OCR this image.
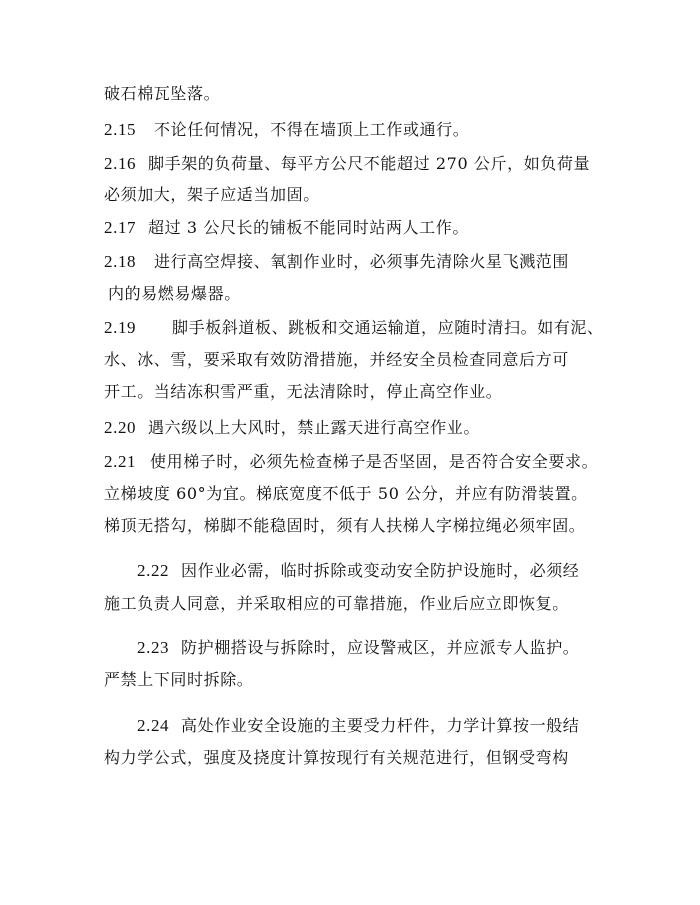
破石棉瓦坠落。
2.15 不论任何情况，不得在墙顶上工作或通行。
2.16 脚手架的负荷量、每平方公尺不能超过 270 公斤，如负荷量
必须加大，架子应适当加固。
2.17 超过 3 公尺长的铺板不能同时站两人工作。
2.18 进行高空焊接、氧割作业时，必须事先清除火星飞溅范围
内的易燃易爆器。
2.19 脚手板斜道板、跳板和交通运输道，应随时清扫。如有泥、
水、冰、雪，要采取有效防滑措施，并经安全员检查同意后方可
开工。当结冻积雪严重，无法清除时，停止高空作业。
2.20 遇六级以上大风时，禁止露天进行高空作业。
2.21 使用梯子时，必须先检查梯子是否坚固，是否符合安全要求。
立梯坡度 60°为宜。梯底宽度不低于 50 公分，并应有防滑装置。
梯顶无搭勾，梯脚不能稳固时，须有人扶梯人字梯拉绳必须牢固。
2.22 因作业必需，临时拆除或变动安全防护设施时，必须经
施工负责人同意，并采取相应的可靠措施，作业后应立即恢复。
2.23 防护棚搭设与拆除时，应设警戒区，并应派专人监护。
严禁上下同时拆除。
2.24 高处作业安全设施的主要受力杆件，力学计算按一般结
构力学公式，强度及挠度计算按现行有关规范进行，但钢受弯构
